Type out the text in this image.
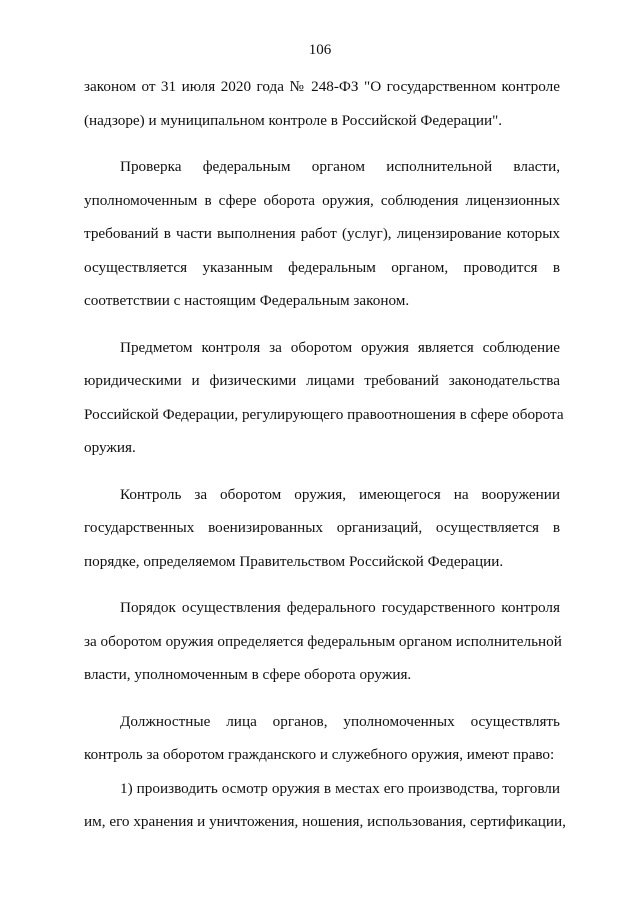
106
законом от 31 июля 2020 года № 248-ФЗ "О государственном контроле
(надзоре) и муниципальном контроле в Российской Федерации".
Проверка федеральным органом исполнительной власти,
уполномоченным в сфере оборота оружия, соблюдения лицензионных
требований в части выполнения работ (услуг), лицензирование которых
осуществляется указанным федеральным органом, проводится в
соответствии с настоящим Федеральным законом.
Предметом контроля за оборотом оружия является соблюдение
юридическими и физическими лицами требований законодательства
Российской Федерации, регулирующего правоотношения в сфере оборота
оружия.
Контроль за оборотом оружия, имеющегося на вооружении
государственных военизированных организаций, осуществляется в
порядке, определяемом Правительством Российской Федерации.
Порядок осуществления федерального государственного контроля
за оборотом оружия определяется федеральным органом исполнительной
власти, уполномоченным в сфере оборота оружия.
Должностные лица органов, уполномоченных осуществлять
контроль за оборотом гражданского и служебного оружия, имеют право:
1) производить осмотр оружия в местах его производства, торговли
им, его хранения и уничтожения, ношения, использования, сертификации,
